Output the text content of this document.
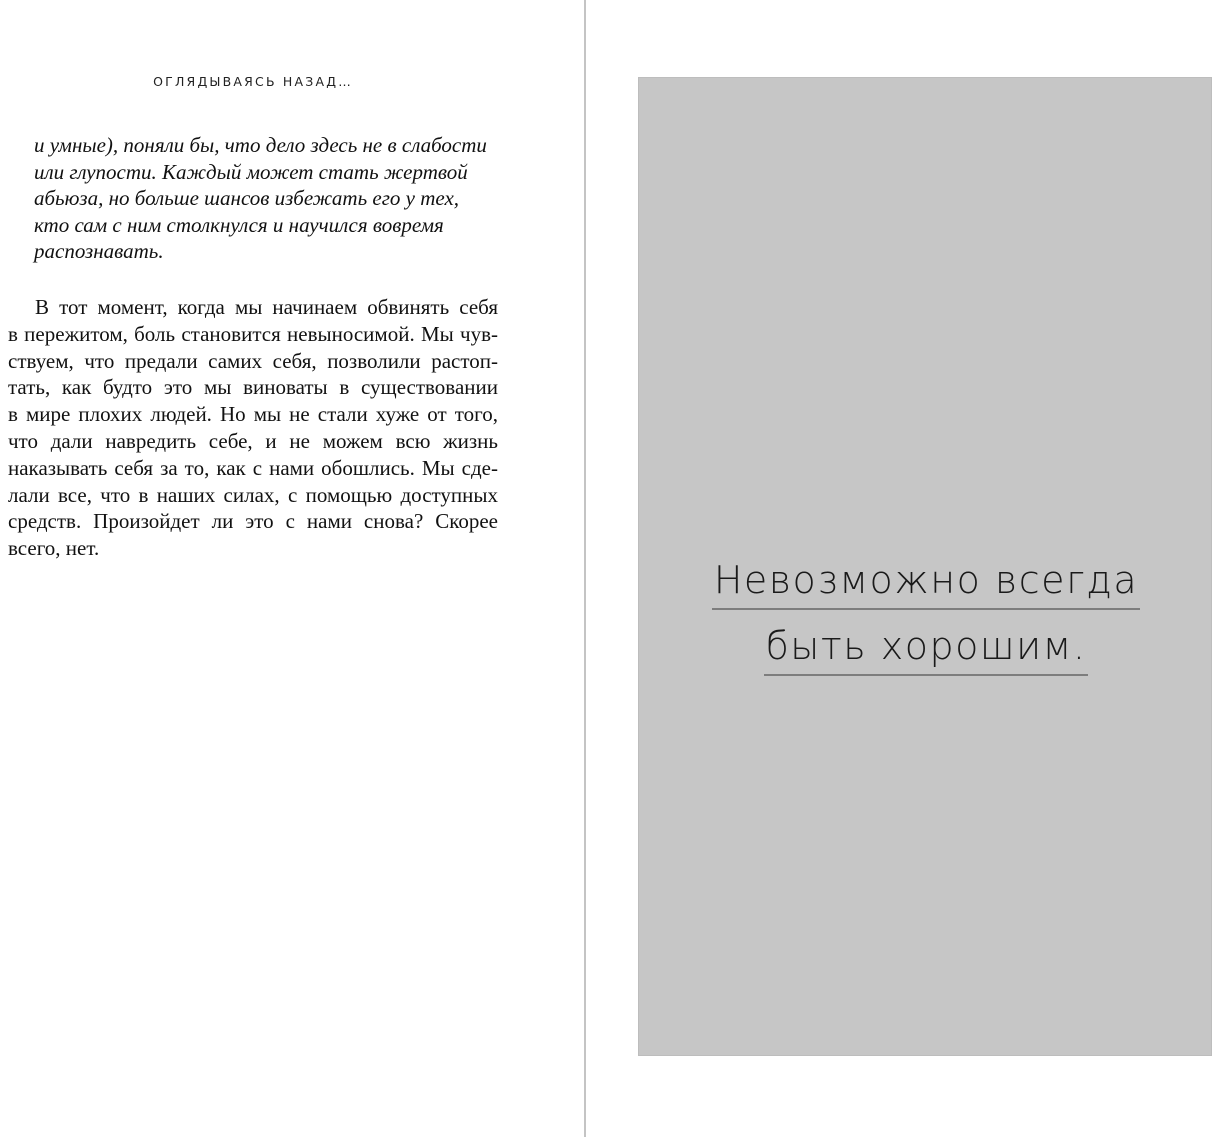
ОГЛЯДЫВАЯСЬ НАЗАД…
и умные), поняли бы, что дело здесь не в слабости
или глупости. Каждый может стать жертвой
абьюза, но больше шансов избежать его у тех,
кто сам с ним столкнулся и научился вовремя
распознавать.
В тот момент, когда мы начинаем обвинять себя
в пережитом, боль становится невыносимой. Мы чув-
ствуем, что предали самих себя, позволили растоп-
тать, как будто это мы виноваты в существовании
в мире плохих людей. Но мы не стали хуже от того,
что дали навредить себе, и не можем всю жизнь
наказывать себя за то, как с нами обошлись. Мы сде-
лали все, что в наших силах, с помощью доступных
средств. Произойдет ли это с нами снова? Скорее
всего, нет.
Невозможно всегда
быть хорошим.
